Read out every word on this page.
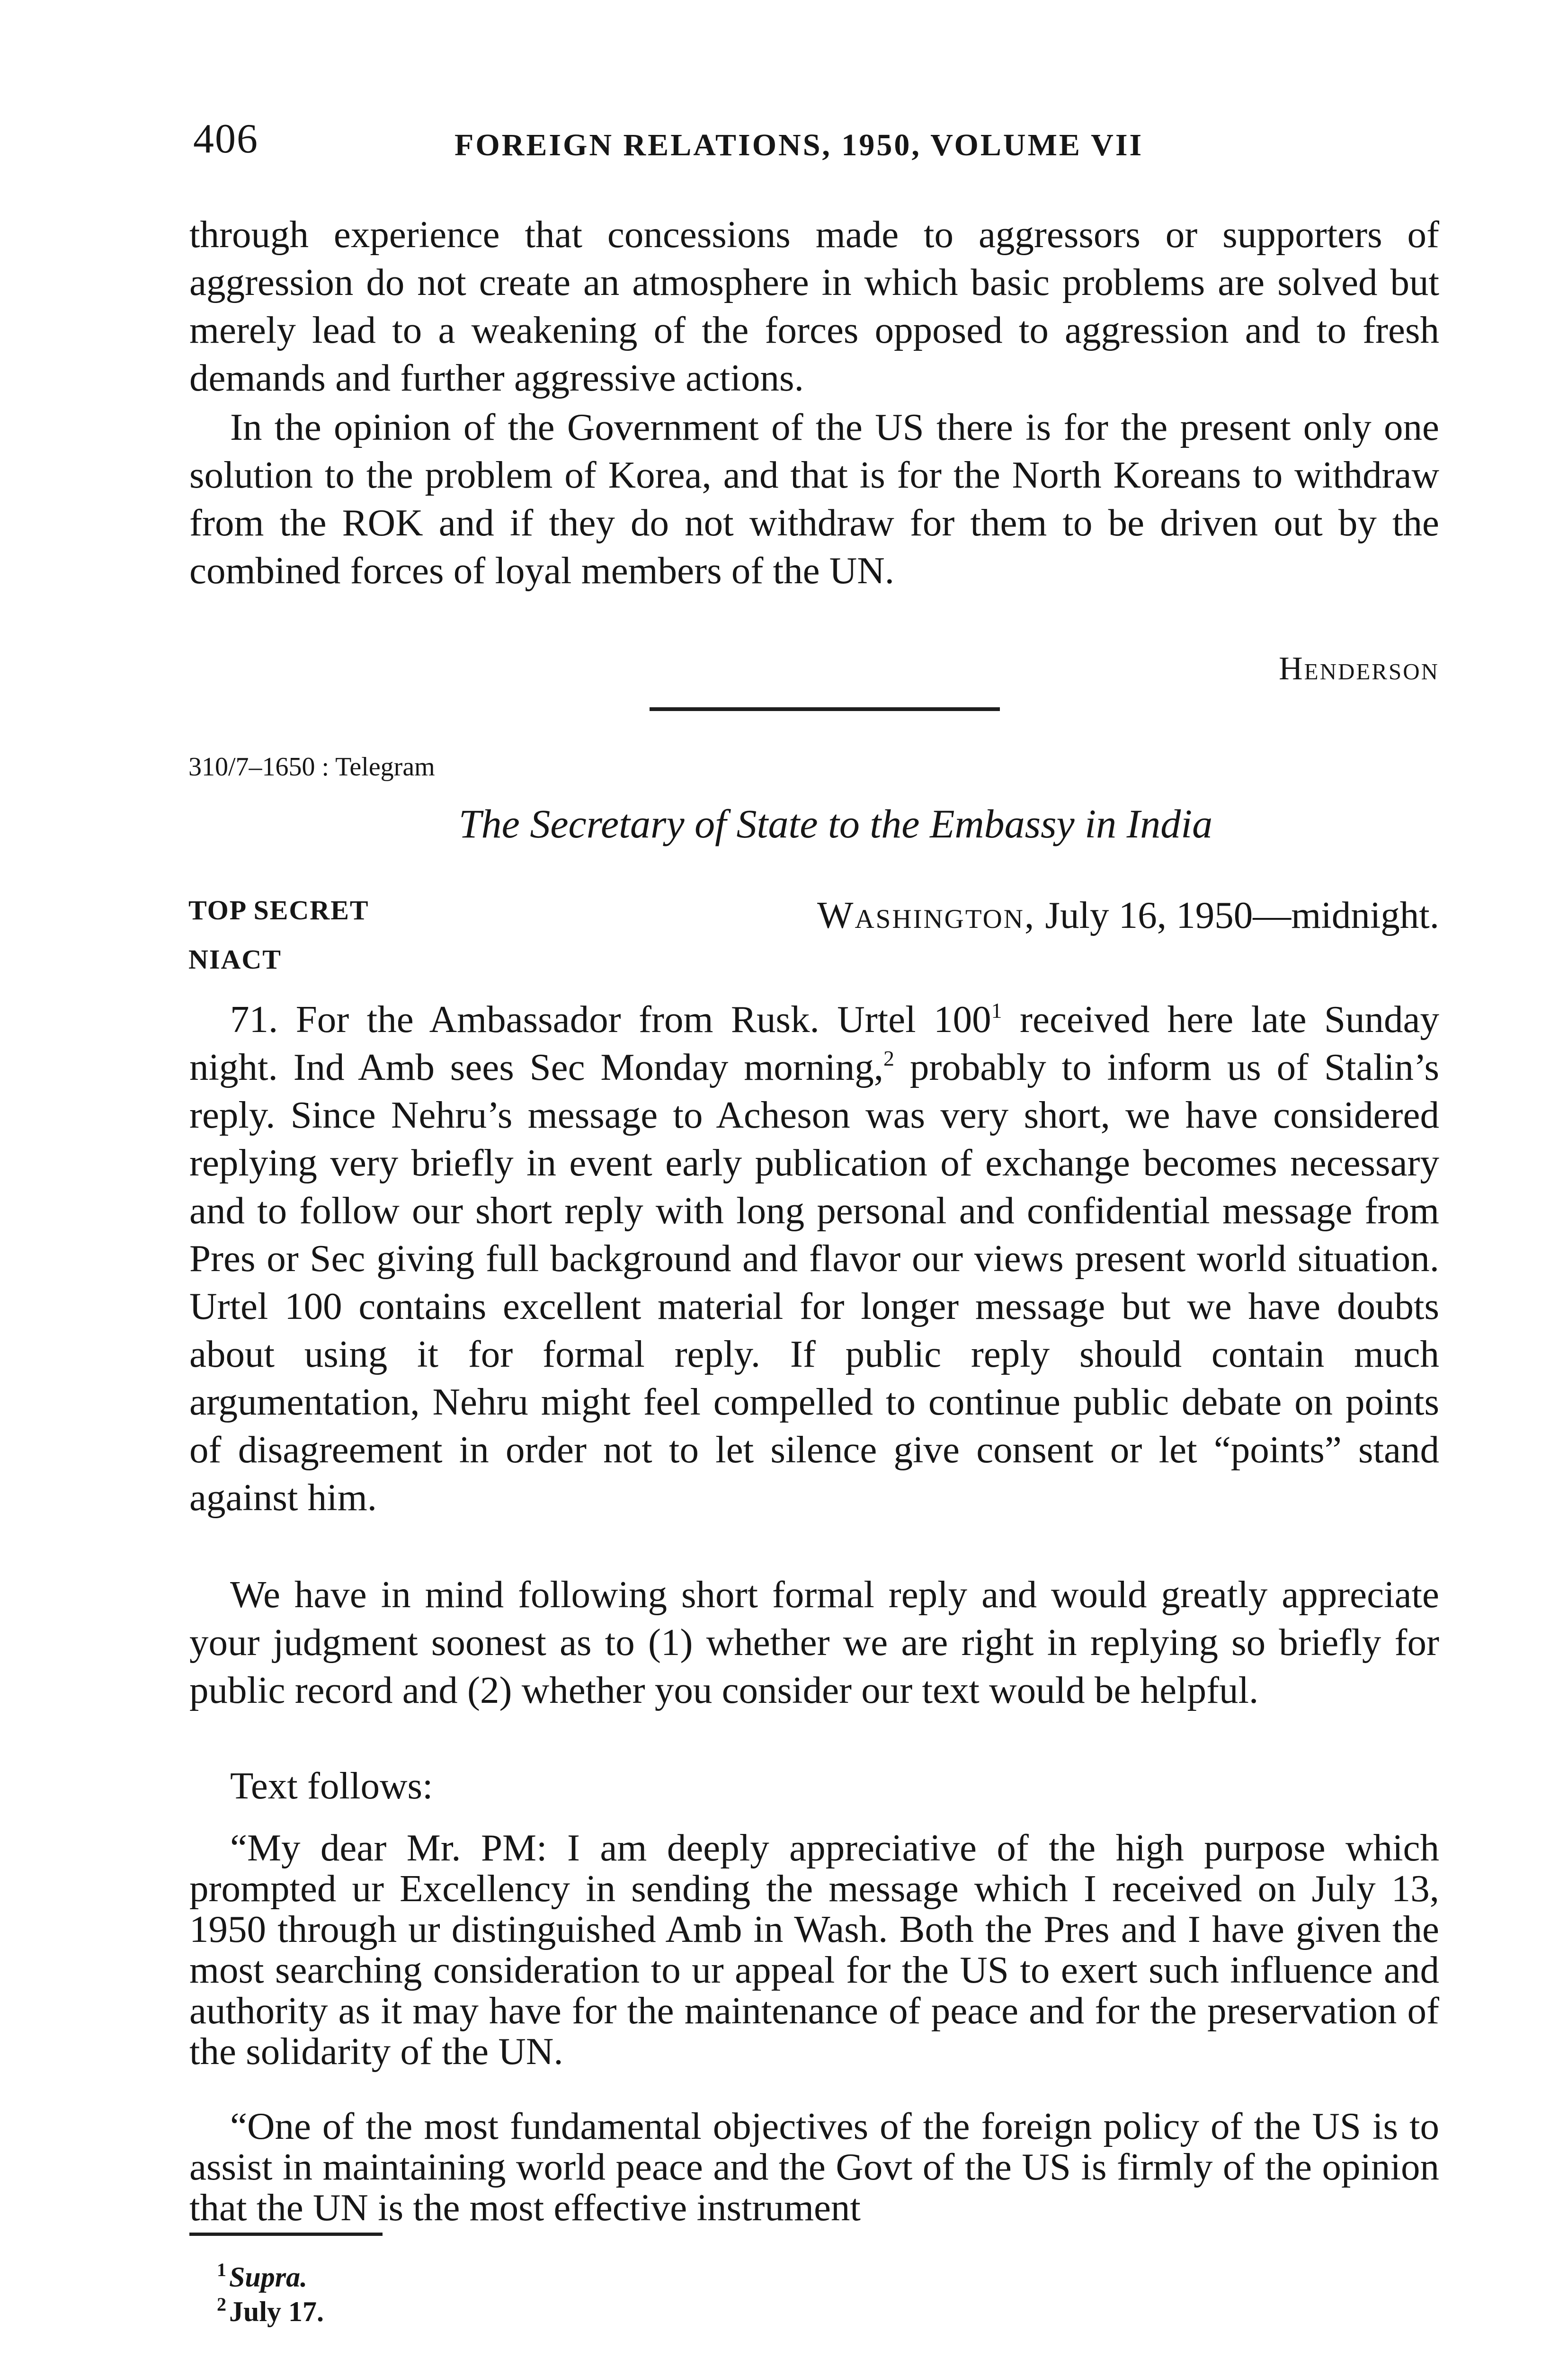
406	FOREIGN RELATIONS, 1950, VOLUME VII

through experience that concessions made to aggressors or supporters of aggression do not create an atmosphere in which basic problems are solved but merely lead to a weakening of the forces opposed to aggression and to fresh demands and further aggressive actions.

In the opinion of the Government of the US there is for the present only one solution to the problem of Korea, and that is for the North Koreans to withdraw from the ROK and if they do not withdraw for them to be driven out by the combined forces of loyal members of the UN.

Henderson
310/7–1650 : Telegram
The Secretary of State to the Embassy in India
TOP SECRET
NIACT
Washington, July 16, 1950—midnight.

71. For the Ambassador from Rusk. Urtel 100$^1$ received here late Sunday night. Ind Amb sees Sec Monday morning,$^2$ probably to inform us of Stalin’s reply. Since Nehru’s message to Acheson was very short, we have considered replying very briefly in event early publication of exchange becomes necessary and to follow our short reply with long personal and confidential message from Pres or Sec giving full background and flavor our views present world situation. Urtel 100 contains excellent material for longer message but we have doubts about using it for formal reply. If public reply should contain much argumentation, Nehru might feel compelled to continue public debate on points of disagreement in order not to let silence give consent or let “points” stand against him.

We have in mind following short formal reply and would greatly appreciate your judgment soonest as to (1) whether we are right in replying so briefly for public record and (2) whether you consider our text would be helpful.

Text follows:

“My dear Mr. PM: I am deeply appreciative of the high purpose which prompted ur Excellency in sending the message which I received on July 13, 1950 through ur distinguished Amb in Wash. Both the Pres and I have given the most searching consideration to ur appeal for the US to exert such influence and authority as it may have for the maintenance of peace and for the preservation of the solidarity of the UN.

“One of the most fundamental objectives of the foreign policy of the US is to assist in maintaining world peace and the Govt of the US is firmly of the opinion that the UN is the most effective instrument

$^1$ Supra.
$^2$ July 17.
